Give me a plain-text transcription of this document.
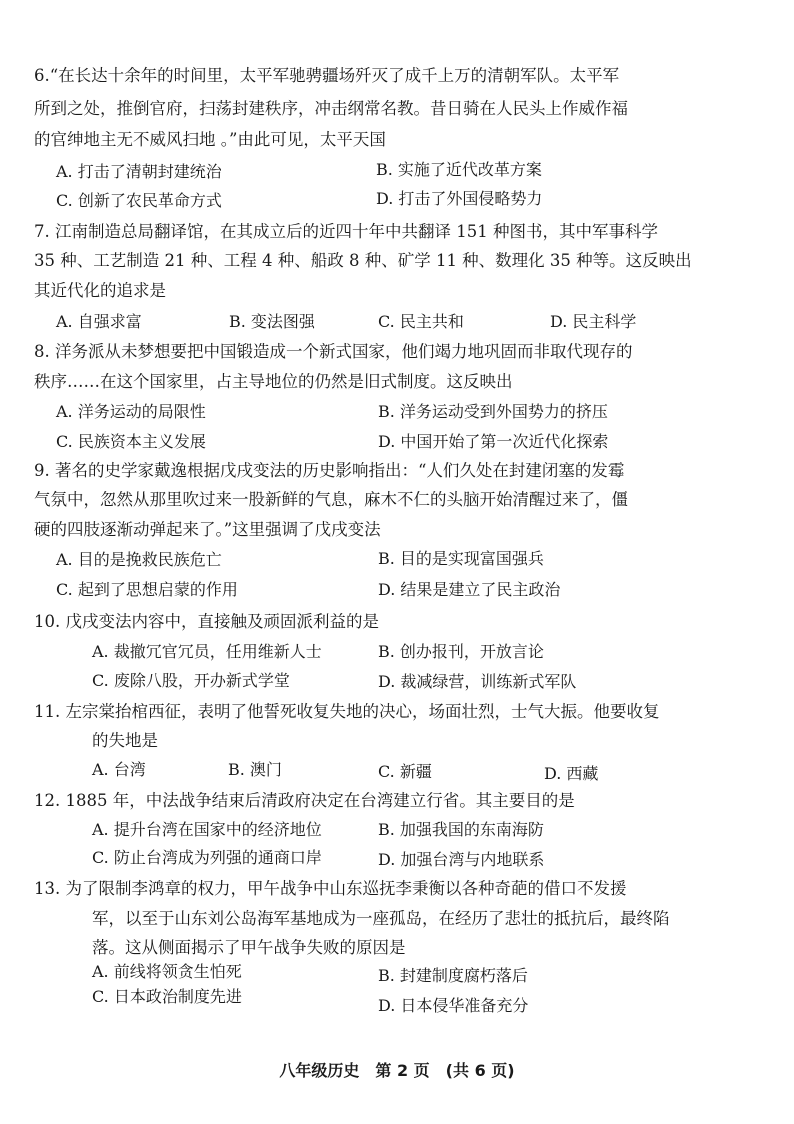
6.“在长达十余年的时间里，太平军驰骋疆场歼灭了成千上万的清朝军队。太平军
所到之处，推倒官府，扫荡封建秩序，冲击纲常名教。昔日骑在人民头上作威作福
的官绅地主无不威风扫地 。”由此可见，太平天国
A. 打击了清朝封建统治	B. 实施了近代改革方案
C. 创新了农民革命方式	D. 打击了外国侵略势力
7. 江南制造总局翻译馆，在其成立后的近四十年中共翻译 151 种图书，其中军事科学
35 种、工艺制造 21 种、工程 4 种、船政 8 种、矿学 11 种、数理化 35 种等。这反映出
其近代化的追求是
A. 自强求富	B. 变法图强	C. 民主共和	D. 民主科学
8. 洋务派从未梦想要把中国锻造成一个新式国家，他们竭力地巩固而非取代现存的
秩序……在这个国家里，占主导地位的仍然是旧式制度。这反映出
A. 洋务运动的局限性	B. 洋务运动受到外国势力的挤压
C. 民族资本主义发展	D. 中国开始了第一次近代化探索
9. 著名的史学家戴逸根据戊戌变法的历史影响指出：“人们久处在封建闭塞的发霉
气氛中，忽然从那里吹过来一股新鲜的气息，麻木不仁的头脑开始清醒过来了，僵
硬的四肢逐渐动弹起来了。”这里强调了戊戌变法
A. 目的是挽救民族危亡	B. 目的是实现富国强兵
C. 起到了思想启蒙的作用	D. 结果是建立了民主政治
10. 戊戌变法内容中，直接触及顽固派利益的是
A. 裁撤冗官冗员，任用维新人士	B. 创办报刊，开放言论
C. 废除八股，开办新式学堂	D. 裁减绿营，训练新式军队
11. 左宗棠抬棺西征，表明了他誓死收复失地的决心，场面壮烈，士气大振。他要收复
的失地是
A. 台湾	B. 澳门	C. 新疆	D. 西藏
12. 1885 年，中法战争结束后清政府决定在台湾建立行省。其主要目的是
A. 提升台湾在国家中的经济地位	B. 加强我国的东南海防
C. 防止台湾成为列强的通商口岸	D. 加强台湾与内地联系
13. 为了限制李鸿章的权力，甲午战争中山东巡抚李秉衡以各种奇葩的借口不发援
军，以至于山东刘公岛海军基地成为一座孤岛，在经历了悲壮的抵抗后，最终陷
落。这从侧面揭示了甲午战争失败的原因是
A. 前线将领贪生怕死	B. 封建制度腐朽落后
C. 日本政治制度先进	D. 日本侵华准备充分
八年级历史　第 2 页　(共 6 页)
